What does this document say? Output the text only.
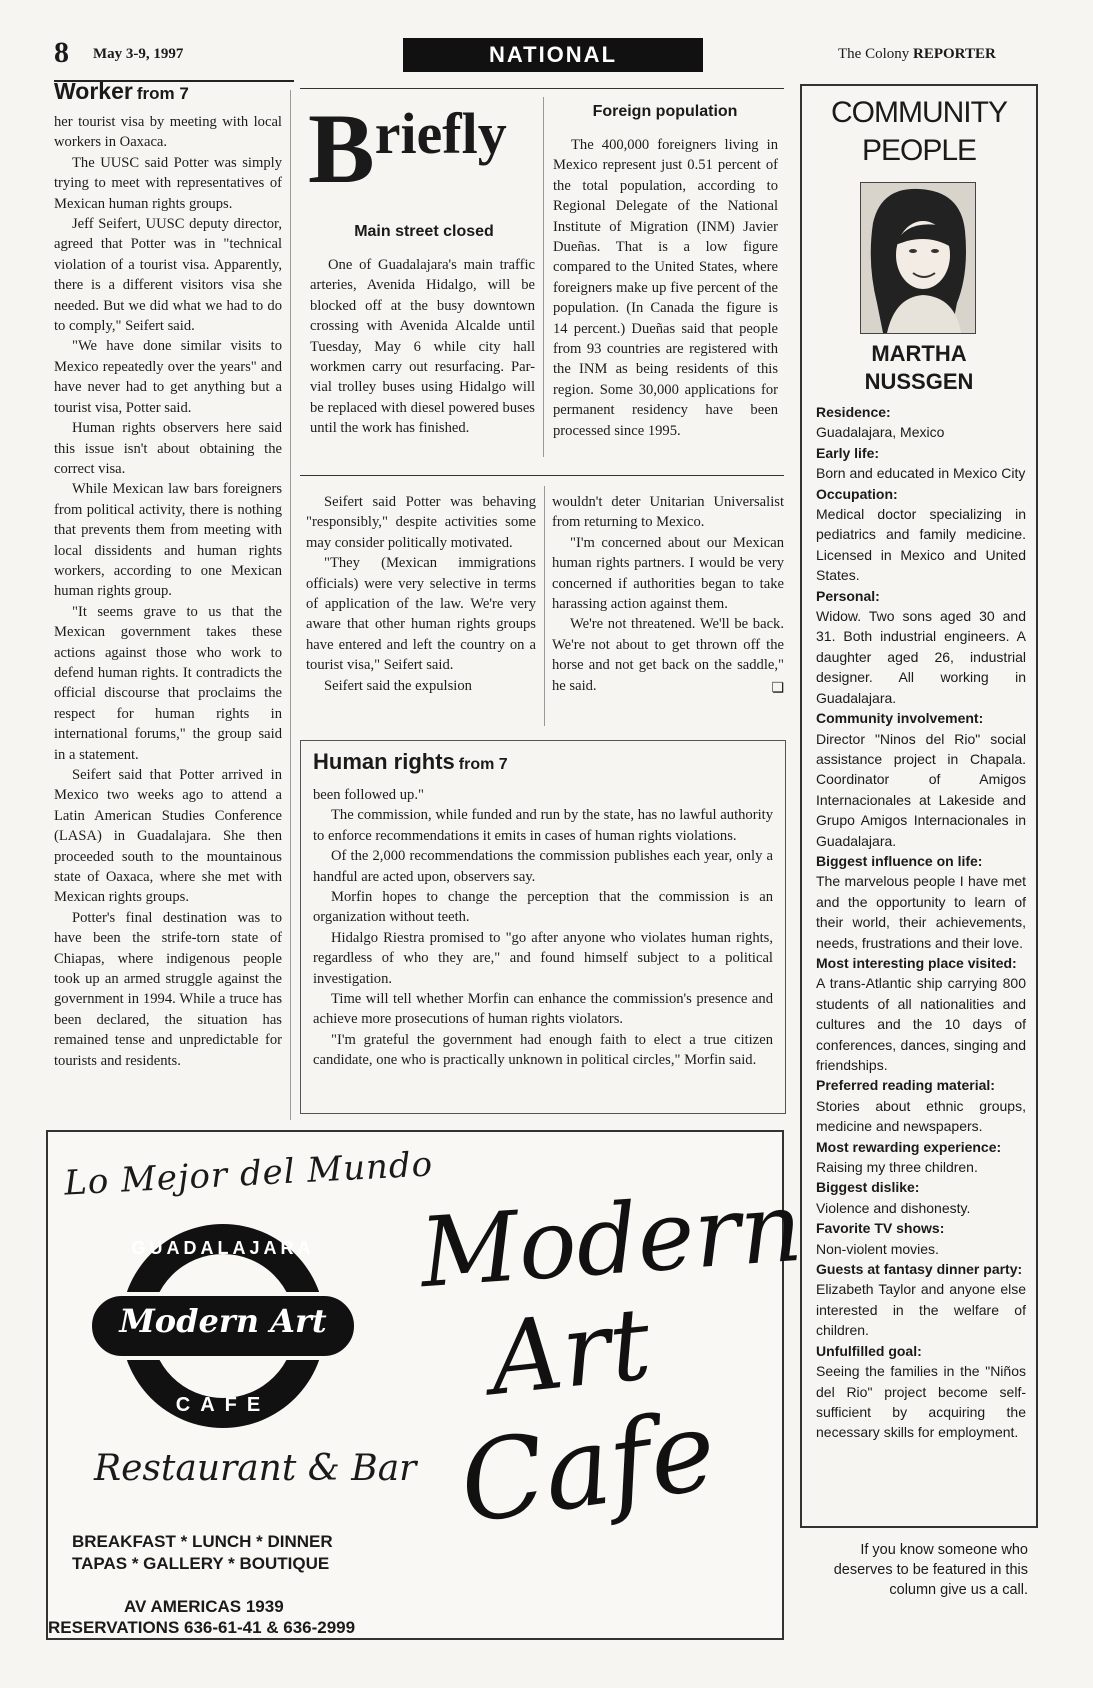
8 May 3-9, 1997	NATIONAL	The Colony REPORTER
Worker from 7

her tourist visa by meeting with local workers in Oaxaca.

The UUSC said Potter was simply trying to meet with representatives of Mexican human rights groups.

Jeff Seifert, UUSC deputy director, agreed that Potter was in "technical violation of a tourist visa. Apparently, there is a different visitors visa she needed. But we did what we had to do to comply," Seifert said.

"We have done similar visits to Mexico repeatedly over the years" and have never had to get anything but a tourist visa, Potter said.

Human rights observers here said this issue isn't about obtaining the correct visa.

While Mexican law bars foreigners from political activity, there is nothing that prevents them from meeting with local dissidents and human rights workers, according to one Mexican human rights group.

"It seems grave to us that the Mexican government takes these actions against those who work to defend human rights. It contradicts the official discourse that proclaims the respect for human rights in international forums," the group said in a statement.

Seifert said that Potter arrived in Mexico two weeks ago to attend a Latin American Studies Conference (LASA) in Guadalajara. She then proceeded south to the mountainous state of Oaxaca, where she met with Mexican rights groups.

Potter's final destination was to have been the strife-torn state of Chiapas, where indigenous people took up an armed struggle against the government in 1994. While a truce has been declared, the situation has remained tense and unpredictable for tourists and residents.

Briefly
Main street closed

One of Guadalajara's main traffic arteries, Avenida Hidalgo, will be blocked off at the busy downtown crossing with Avenida Alcalde until Tuesday, May 6 while city hall workmen carry out resurfacing. Par-vial trolley buses using Hidalgo will be replaced with diesel powered buses until the work has finished.

Foreign population

The 400,000 foreigners living in Mexico represent just 0.51 percent of the total population, according to Regional Delegate of the National Institute of Migration (INM) Javier Dueñas. That is a low figure compared to the United States, where foreigners make up five percent of the population. (In Canada the figure is 14 percent.) Dueñas said that people from 93 countries are registered with the INM as being residents of this region. Some 30,000 applications for permanent residency have been processed since 1995.

Seifert said Potter was behaving "responsibly," despite activities some may consider politically motivated.

"They (Mexican immigrations officials) were very selective in terms of application of the law. We're very aware that other human rights groups have entered and left the country on a tourist visa," Seifert said.

Seifert said the expulsion

wouldn't deter Unitarian Universalist from returning to Mexico.

"I'm concerned about our Mexican human rights partners. I would be very concerned if authorities began to take harassing action against them.

We're not threatened. We'll be back. We're not about to get thrown off the horse and not get back on the saddle," he said.	❏
Human rights from 7

been followed up."

The commission, while funded and run by the state, has no lawful authority to enforce recommendations it emits in cases of human rights violations.

Of the 2,000 recommendations the commission publishes each year, only a handful are acted upon, observers say.

Morfin hopes to change the perception that the commission is an organization without teeth.

Hidalgo Riestra promised to "go after anyone who violates human rights, regardless of who they are," and found himself subject to a political investigation.

Time will tell whether Morfin can enhance the commission's presence and achieve more prosecutions of human rights violators.

"I'm grateful the government had enough faith to elect a true citizen candidate, one who is practically unknown in political circles," Morfin said.

COMMUNITY
PEOPLE
MARTHA
NUSSGEN
Residence:
Guadalajara, Mexico
Early life:
Born and educated in Mexico City
Occupation:
Medical doctor specializing in pediatrics and family medicine. Licensed in Mexico and United States.
Personal:
Widow. Two sons aged 30 and 31. Both industrial engineers. A daughter aged 26, industrial designer. All working in Guadalajara.
Community involvement:
Director "Ninos del Rio" social assistance project in Chapala. Coordinator of Amigos Internacionales at Lakeside and Grupo Amigos Internacionales in Guadalajara.
Biggest influence on life:
The marvelous people I have met and the opportunity to learn of their world, their achievements, needs, frustrations and their love.
Most interesting place visited:
A trans-Atlantic ship carrying 800 students of all nationalities and cultures and the 10 days of conferences, dances, singing and friendships.
Preferred reading material:
Stories about ethnic groups, medicine and newspapers.
Most rewarding experience:
Raising my three children.
Biggest dislike:
Violence and dishonesty.
Favorite TV shows:
Non-violent movies.
Guests at fantasy dinner party:
Elizabeth Taylor and anyone else interested in the welfare of children.
Unfulfilled goal:
Seeing the families in the "Niños del Rio" project become self-sufficient by acquiring the necessary skills for employment.
If you know someone who deserves to be featured in this column give us a call.
Lo Mejor del Mundo
GUADALAJARA
Modern Art
CAFE
Restaurant & Bar
Modern
Art
Cafe
BREAKFAST * LUNCH * DINNER
TAPAS * GALLERY * BOUTIQUE
AV AMERICAS 1939
RESERVATIONS 636-61-41 & 636-2999
